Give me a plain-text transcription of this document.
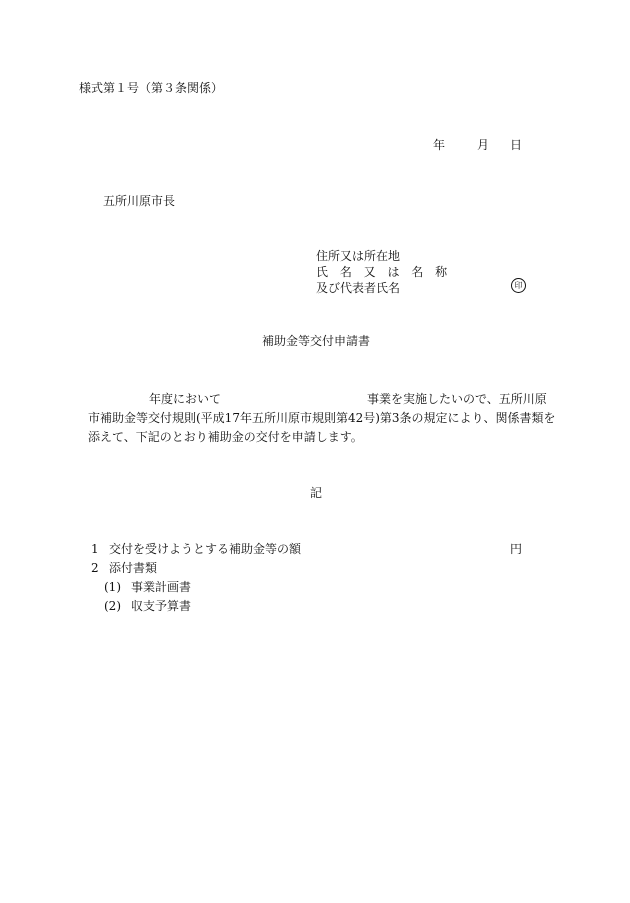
様式第１号（第３条関係）
年	月 日
五所川原市長
住所又は所在地
氏 名 又 は 名 称
及び代表者氏名	印
補助金等交付申請書
年度において	事業を実施したいので、五所川原
市補助金等交付規則(平成17年五所川原市規則第42号)第3条の規定により、関係書類を
添えて、下記のとおり補助金の交付を申請します。
記
1 交付を受けようとする補助金等の額
2 添付書類
(1) 事業計画書
(2) 収支予算書
円
